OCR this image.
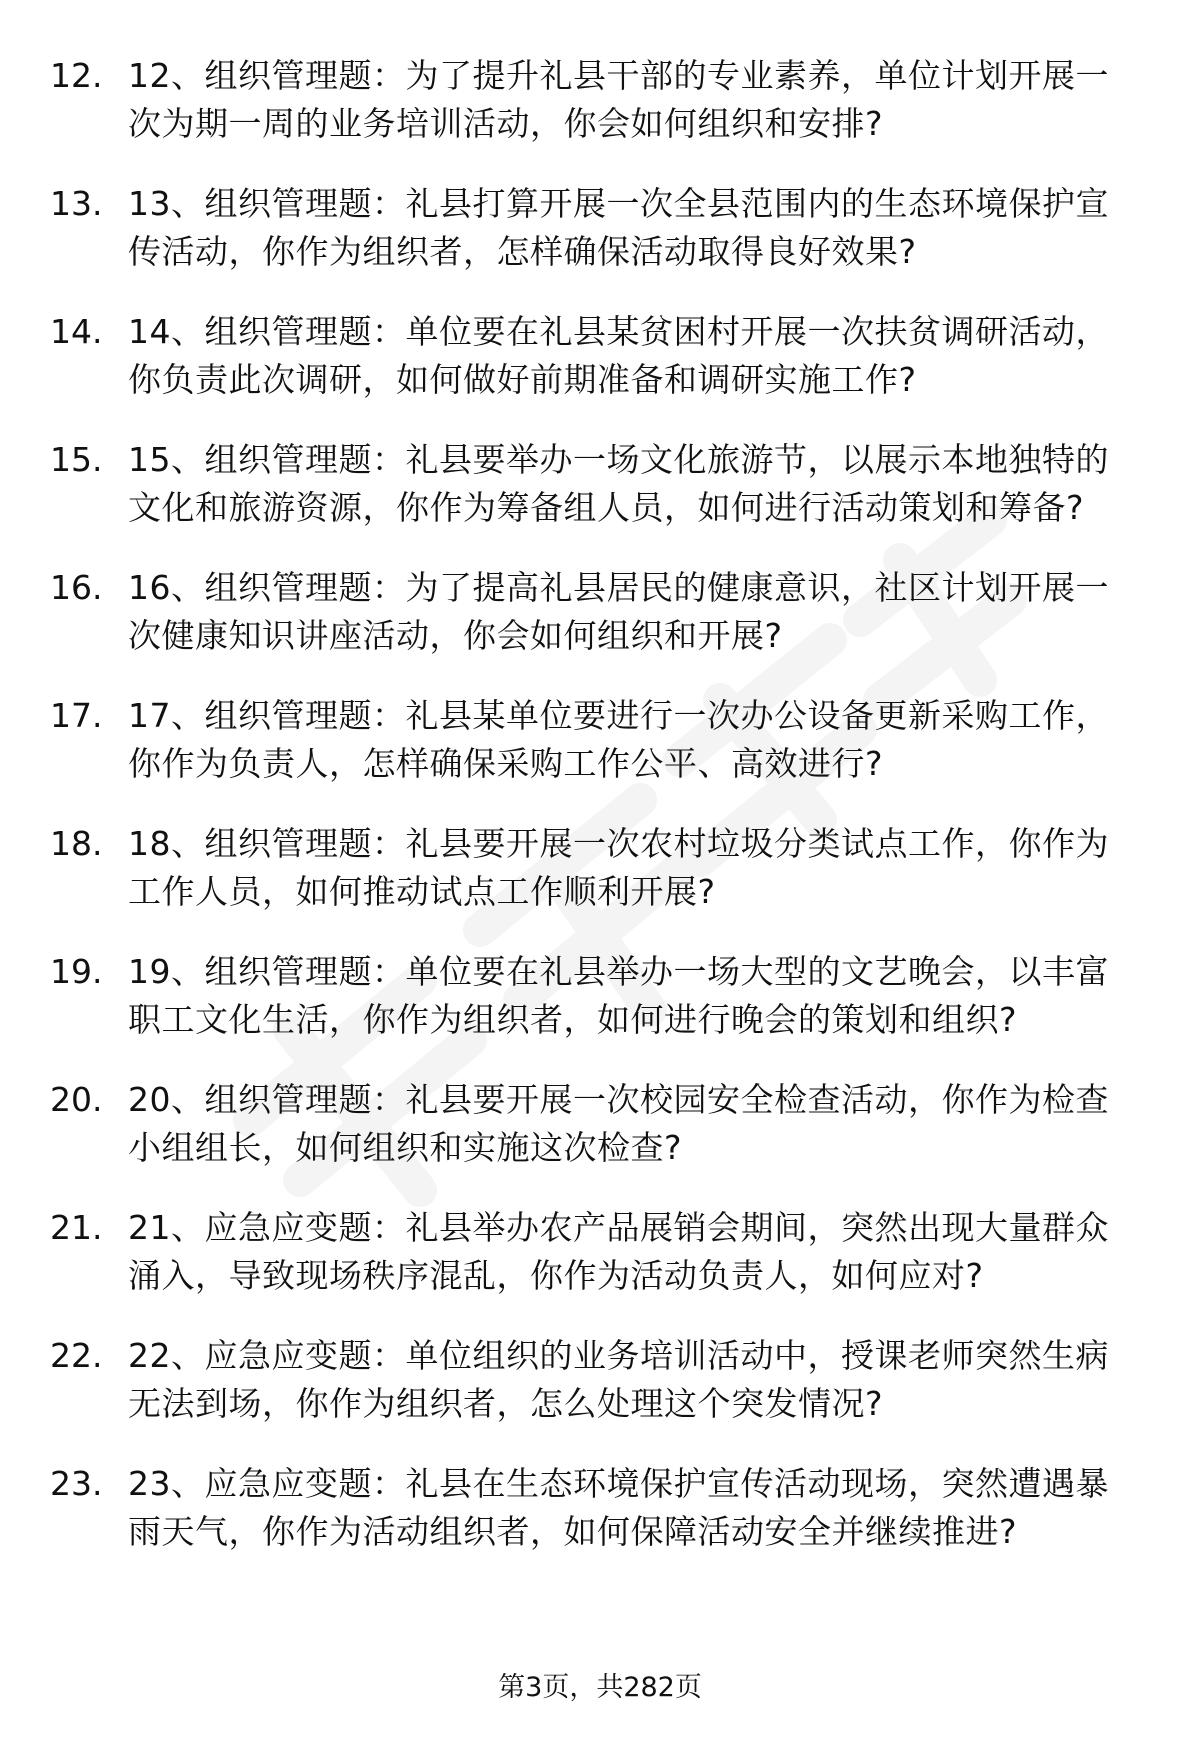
12. 12、组织管理题：为了提升礼县干部的专业素养，单位计划开展一次为期一周的业务培训活动，你会如何组织和安排?
13. 13、组织管理题：礼县打算开展一次全县范围内的生态环境保护宣传活动，你作为组织者，怎样确保活动取得良好效果?
14. 14、组织管理题：单位要在礼县某贫困村开展一次扶贫调研活动，你负责此次调研，如何做好前期准备和调研实施工作?
15. 15、组织管理题：礼县要举办一场文化旅游节，以展示本地独特的文化和旅游资源，你作为筹备组人员，如何进行活动策划和筹备?
16. 16、组织管理题：为了提高礼县居民的健康意识，社区计划开展一次健康知识讲座活动，你会如何组织和开展?
17. 17、组织管理题：礼县某单位要进行一次办公设备更新采购工作，你作为负责人，怎样确保采购工作公平、高效进行?
18. 18、组织管理题：礼县要开展一次农村垃圾分类试点工作，你作为工作人员，如何推动试点工作顺利开展?
19. 19、组织管理题：单位要在礼县举办一场大型的文艺晚会，以丰富职工文化生活，你作为组织者，如何进行晚会的策划和组织?
20. 20、组织管理题：礼县要开展一次校园安全检查活动，你作为检查小组组长，如何组织和实施这次检查?
21. 21、应急应变题：礼县举办农产品展销会期间，突然出现大量群众涌入，导致现场秩序混乱，你作为活动负责人，如何应对?
22. 22、应急应变题：单位组织的业务培训活动中，授课老师突然生病无法到场，你作为组织者，怎么处理这个突发情况?
23. 23、应急应变题：礼县在生态环境保护宣传活动现场，突然遭遇暴雨天气，你作为活动组织者，如何保障活动安全并继续推进?
第3页，共282页
